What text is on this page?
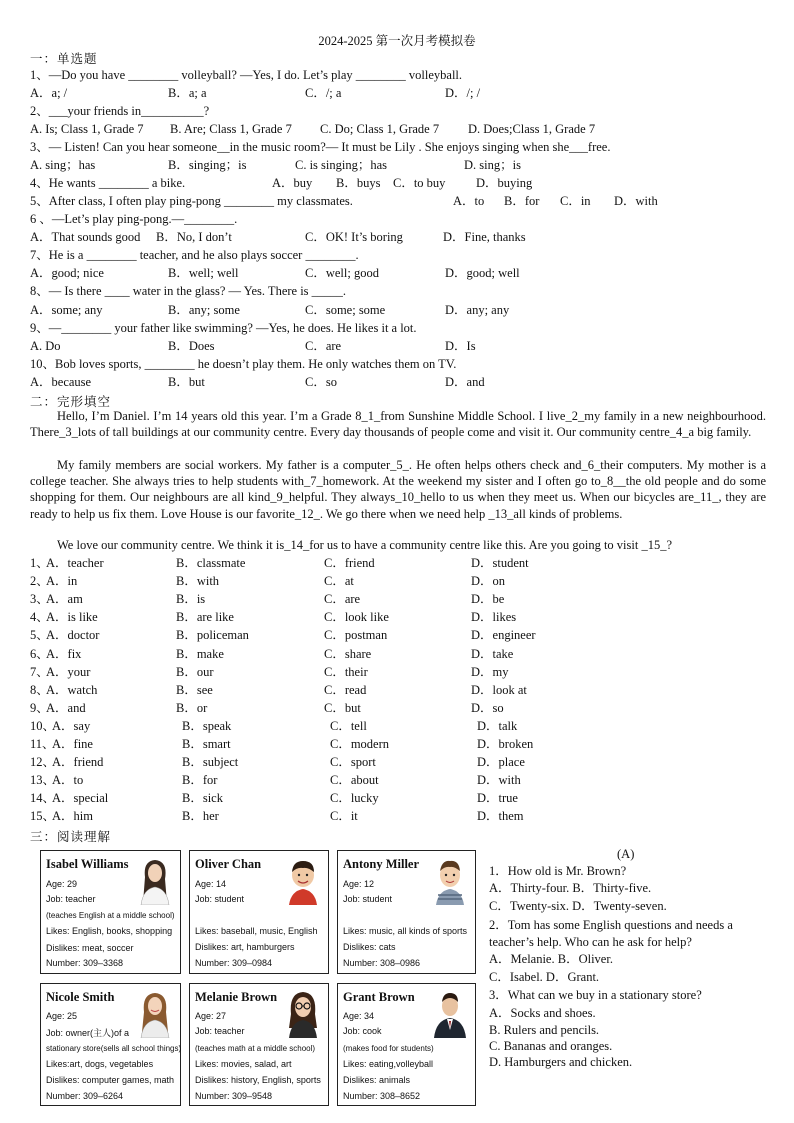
2024-2025 第一次月考模拟卷
一：单选题
1、—Do you have ________ volleyball? —Yes, I do. Let’s play ________ volleyball.
A．a; /	B．a; a	C．/; a	D．/; /
2、___your friends in__________?
A. Is; Class 1, Grade 7 B. Are; Class 1, Grade 7 C. Do; Class 1, Grade 7 D. Does;Class 1, Grade 7
3、— Listen! Can you hear someone__in the music room?— It must be Lily . She enjoys singing when she___free.
A. sing；has	B．singing；is	C. is singing；has	D. sing；is
4、He wants ________ a bike.	A．buy B．buys C．to buy D．buying
5、After class, I often play ping-pong ________ my classmates.	A．to B．for C．in D．with
6 、—Let’s play ping-pong.—________.
A．That sounds good B．No, I don’t	C．OK! It’s boring	D．Fine, thanks
7、He is a ________ teacher, and he also plays soccer ________.
A．good; nice	B．well; well	C．well; good	D．good; well
8、— Is there ____ water in the glass? — Yes. There is _____.
A．some; any	B．any; some	C．some; some	D．any; any
9、—________ your father like swimming? —Yes, he does. He likes it a lot.
A. Do	B．Does	C．are	D．Is
10、Bob loves sports, ________ he doesn’t play them. He only watches them on TV.
A．because	B．but	C．so	D．and
二：完形填空
Hello, I’m Daniel. I’m 14 years old this year. I’m a Grade 8_1_from Sunshine Middle School. I live_2_my family in a new neighbourhood. There_3_lots of tall buildings at our community centre. Every day thousands of people come and visit it. Our community centre_4_a big family.
My family members are social workers. My father is a computer_5_. He often helps others check and_6_their computers. My mother is a college teacher. She always tries to help students with_7_homework. At the weekend my sister and I often go to_8__the old people and do some shopping for them. Our neighbours are all kind_9_helpful. They always_10_hello to us when they meet us. When our bicycles are_11_, they are ready to help us fix them. Love House is our favorite_12_. We go there when we need help _13_all kinds of problems.
We love our community centre. We think it is_14_for us to have a community centre like this. Are you going to visit _15_?
1、
A．teacher	B．classmate	C．friend	D．student
2、
A．in	B．with	C．at	D．on
3、
A．am	B．is	C．are	D．be
4、
A．is like	B．are like	C．look like	D．likes
5、
A．doctor	B．policeman	C．postman	D．engineer
6、
A．fix	B．make	C．share	D．take
7、
A．your	B．our	C．their	D．my
8、
A．watch	B．see	C．read	D．look at
9、
A．and	B．or	C．but	D．so
10、
A．say	B．speak	C．tell	D．talk
11、
A．fine	B．smart	C．modern	D．broken
12、
A．friend	B．subject	C．sport	D．place
13、
A．to	B．for	C．about	D．with
14、
A．special	B．sick	C．lucky	D．true
15、
A．him	B．her	C．it	D．them
三：阅读理解
Isabel Williams
Age: 29
Job: teacher
(teaches English at a middle school)
Likes: English, books, shopping
Dislikes: meat, soccer
Number: 309–3368
Oliver Chan
Age: 14
Job: student
Likes: baseball, music, English
Dislikes: art, hamburgers
Number: 309–0984
Antony Miller
Age: 12
Job: student
Likes: music, all kinds of sports
Dislikes: cats
Number: 308–0986
Nicole Smith
Age: 25
Job: owner(主人)of a
stationary store(sells all school things)
Likes:art, dogs, vegetables
Dislikes: computer games, math
Number: 309–6264
Melanie Brown
Age: 27
Job: teacher
(teaches math at a middle school)
Likes: movies, salad, art
Dislikes: history, English, sports
Number: 309–9548
Grant Brown
Age: 34
Job: cook
(makes food for students)
Likes: eating,volleyball
Dislikes: animals
Number: 308–8652
(A)
1．How old is Mr. Brown?
A．Thirty-four. B．Thirty-five.
C．Twenty-six. D．Twenty-seven.
2．Tom has some English questions and needs a
teacher’s help. Who can he ask for help?
A．Melanie. B．Oliver.
C．Isabel. D．Grant.
3．What can we buy in a stationary store?
A．Socks and shoes.
B. Rulers and pencils.
C. Bananas and oranges.
D. Hamburgers and chicken.
